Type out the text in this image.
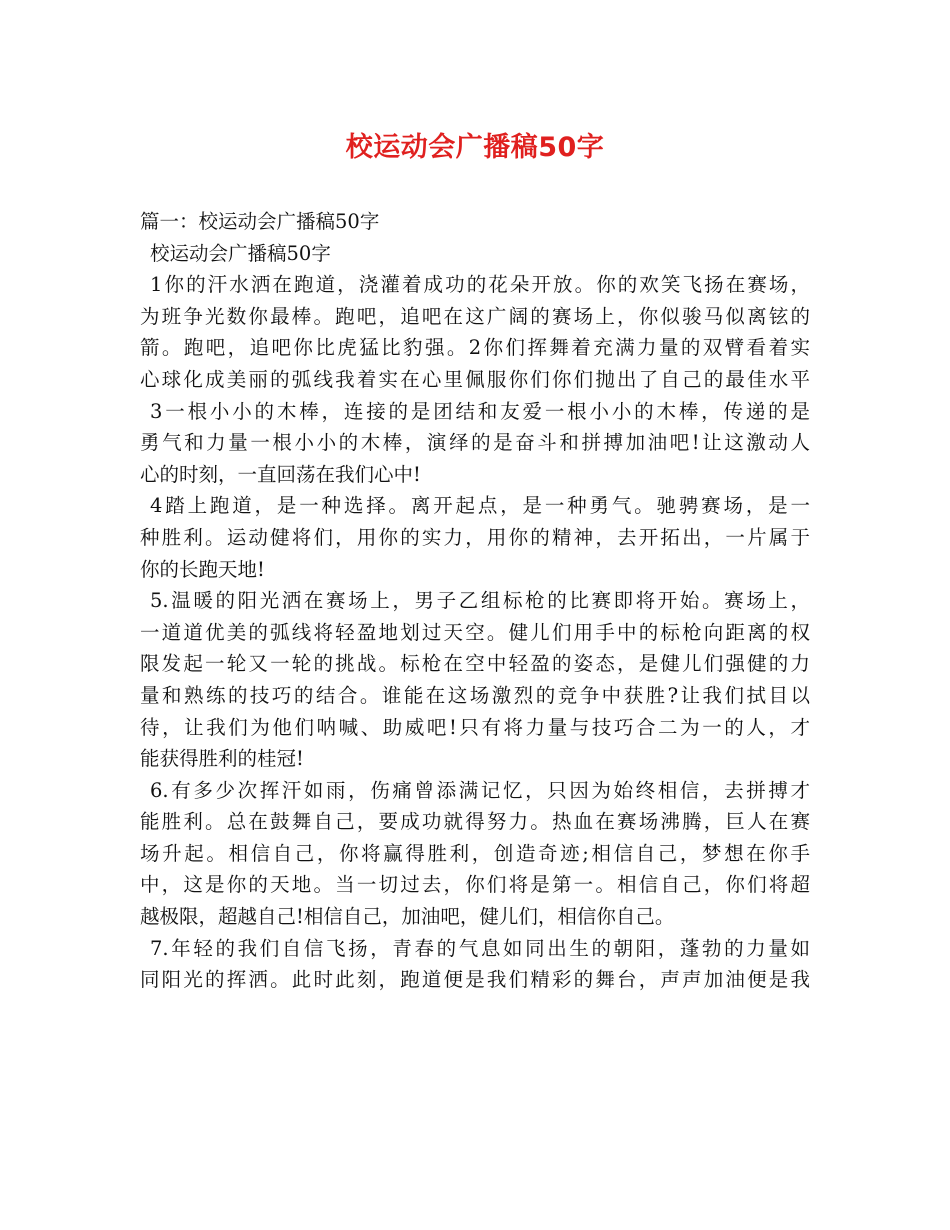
校运动会广播稿50字
篇一：校运动会广播稿50字
校运动会广播稿50字
1你的汗水洒在跑道，浇灌着成功的花朵开放。你的欢笑飞扬在赛场，
为班争光数你最棒。跑吧，追吧在这广阔的赛场上，你似骏马似离铉的
箭。跑吧，追吧你比虎猛比豹强。2你们挥舞着充满力量的双臂看着实
心球化成美丽的弧线我着实在心里佩服你们你们抛出了自己的最佳水平
3一根小小的木棒，连接的是团结和友爱一根小小的木棒，传递的是
勇气和力量一根小小的木棒，演绎的是奋斗和拼搏加油吧!让这激动人
心的时刻，一直回荡在我们心中!
4踏上跑道，是一种选择。离开起点，是一种勇气。驰骋赛场，是一
种胜利。运动健将们，用你的实力，用你的精神，去开拓出，一片属于
你的长跑天地!
5.温暖的阳光洒在赛场上，男子乙组标枪的比赛即将开始。赛场上，
一道道优美的弧线将轻盈地划过天空。健儿们用手中的标枪向距离的权
限发起一轮又一轮的挑战。标枪在空中轻盈的姿态，是健儿们强健的力
量和熟练的技巧的结合。谁能在这场激烈的竞争中获胜?让我们拭目以
待，让我们为他们呐喊、助威吧!只有将力量与技巧合二为一的人，才
能获得胜利的桂冠!
6.有多少次挥汗如雨，伤痛曾添满记忆，只因为始终相信，去拼搏才
能胜利。总在鼓舞自己，要成功就得努力。热血在赛场沸腾，巨人在赛
场升起。相信自己，你将赢得胜利，创造奇迹;相信自己，梦想在你手
中，这是你的天地。当一切过去，你们将是第一。相信自己，你们将超
越极限，超越自己!相信自己，加油吧，健儿们，相信你自己。
7.年轻的我们自信飞扬，青春的气息如同出生的朝阳，蓬勃的力量如
同阳光的挥洒。此时此刻，跑道便是我们精彩的舞台，声声加油便是我
